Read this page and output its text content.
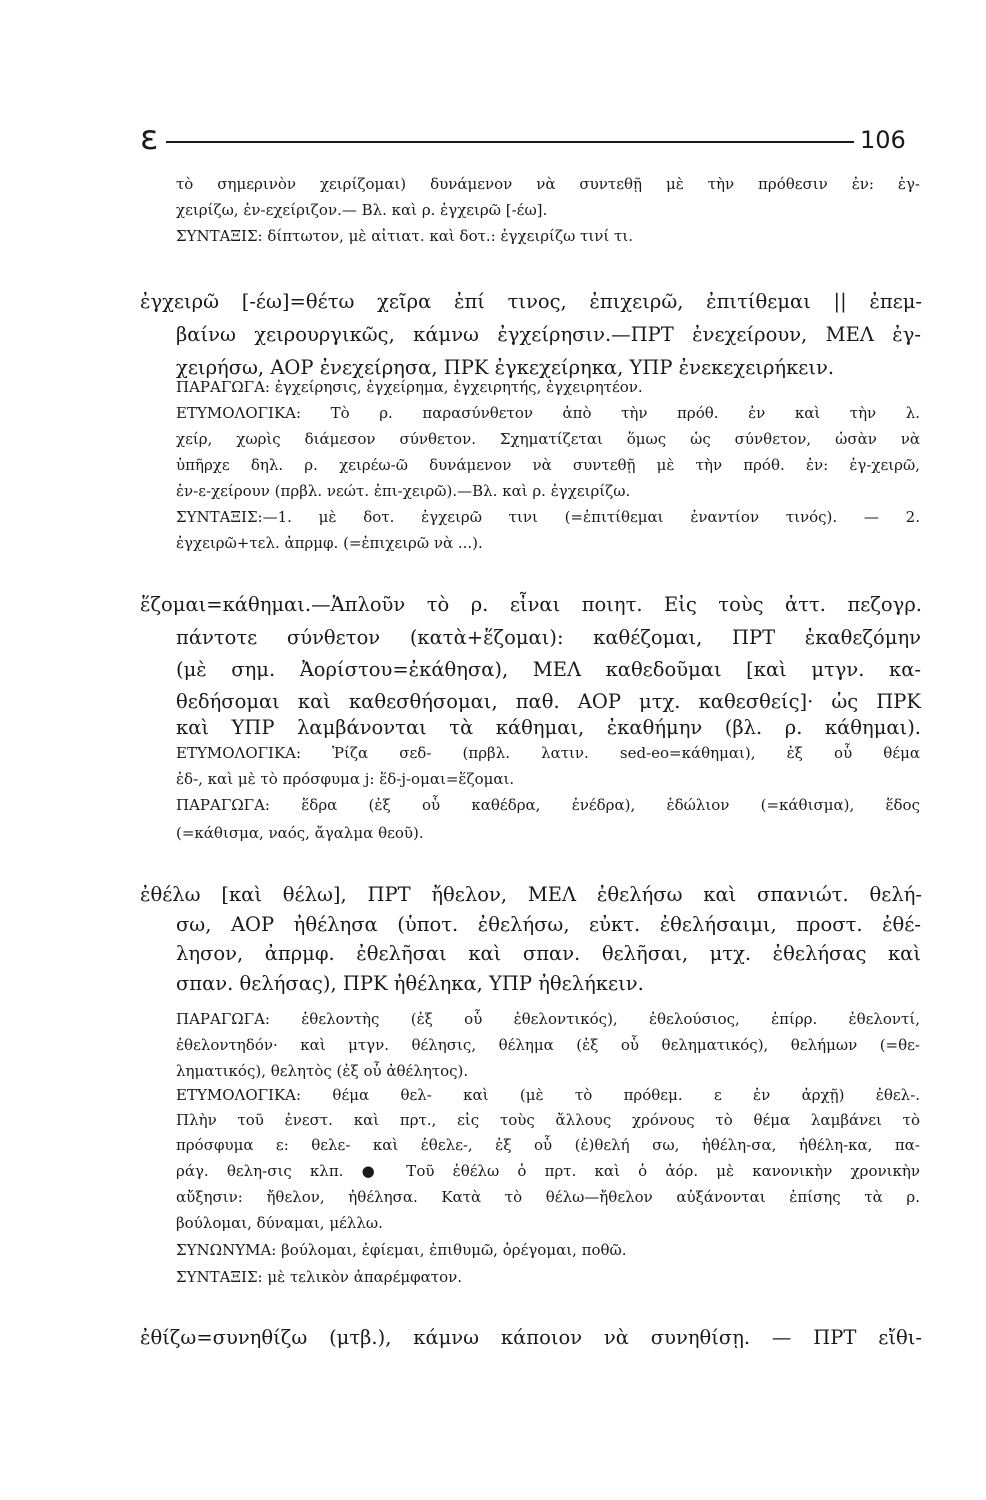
ε	106
τὸ σημερινὸν χειρίζομαι) δυνάμενον νὰ συντεθῇ μὲ τὴν πρόθεσιν ἐν: ἐγ-
χειρίζω, ἐν-εχείριζον.— Βλ. καὶ ρ. ἐγχειρῶ [-έω].
ΣΥΝΤΑΞΙΣ: δίπτωτον, μὲ αἰτιατ. καὶ δοτ.: ἐγχειρίζω τινί τι.
ἐγχειρῶ [-έω]=θέτω χεῖρα ἐπί τινος, ἐπιχειρῶ, ἐπιτίθεμαι || ἐπεμ-
βαίνω χειρουργικῶς, κάμνω ἐγχείρησιν.—ΠΡΤ ἐνεχείρουν, ΜΕΛ ἐγ-
χειρήσω, ΑΟΡ ἐνεχείρησα, ΠΡΚ ἐγκεχείρηκα, ΥΠΡ ἐνεκεχειρήκειν.
ΠΑΡΑΓΩΓΑ: ἐγχείρησις, ἐγχείρημα, ἐγχειρητής, ἐγχειρητέον.
ΕΤΥΜΟΛΟΓΙΚΑ: Τὸ ρ. παρασύνθετον ἀπὸ τὴν πρόθ. ἐν καὶ τὴν λ.
χείρ, χωρὶς διάμεσον σύνθετον. Σχηματίζεται ὅμως ὡς σύνθετον, ὡσὰν νὰ
ὑπῆρχε δηλ. ρ. χειρέω-ῶ δυνάμενον νὰ συντεθῇ μὲ τὴν πρόθ. ἐν: ἐγ-χειρῶ,
ἐν-ε-χείρουν (πρβλ. νεώτ. ἐπι-χειρῶ).—Βλ. καὶ ρ. ἐγχειρίζω.
ΣΥΝΤΑΞΙΣ:—1. μὲ δοτ. ἐγχειρῶ τινι (=ἐπιτίθεμαι ἐναντίον τινός). — 2.
ἐγχειρῶ+τελ. ἀπρμφ. (=ἐπιχειρῶ νὰ ...).
ἕζομαι=κάθημαι.—Ἁπλοῦν τὸ ρ. εἶναι ποιητ. Εἰς τοὺς ἀττ. πεζογρ.
πάντοτε σύνθετον (κατὰ+ἕζομαι): καθέζομαι, ΠΡΤ ἐκαθεζόμην
(μὲ σημ. Ἀορίστου=ἐκάθησα), ΜΕΛ καθεδοῦμαι [καὶ μτγν. κα-
θεδήσομαι καὶ καθεσθήσομαι, παθ. ΑΟΡ μτχ. καθεσθείς]· ὡς ΠΡΚ
καὶ ΥΠΡ λαμβάνονται τὰ κάθημαι, ἐκαθήμην (βλ. ρ. κάθημαι).
ΕΤΥΜΟΛΟΓΙΚΑ: Ῥίζα σεδ- (πρβλ. λατιν. sed-eo=κάθημαι), ἐξ οὗ θέμα
ἑδ-, καὶ μὲ τὸ πρόσφυμα j: ἕδ-j-ομαι=ἕζομαι.
ΠΑΡΑΓΩΓΑ: ἕδρα (ἐξ οὗ καθέδρα, ἐνέδρα), ἑδώλιον (=κάθισμα), ἕδος
(=κάθισμα, ναός, ἄγαλμα θεοῦ).
ἐθέλω [καὶ θέλω], ΠΡΤ ἤθελον, ΜΕΛ ἐθελήσω καὶ σπανιώτ. θελή-
σω, ΑΟΡ ἠθέλησα (ὑποτ. ἐθελήσω, εὐκτ. ἐθελήσαιμι, προστ. ἐθέ-
λησον, ἀπρμφ. ἐθελῆσαι καὶ σπαν. θελῆσαι, μτχ. ἐθελήσας καὶ
σπαν. θελήσας), ΠΡΚ ἠθέληκα, ΥΠΡ ἠθελήκειν.
ΠΑΡΑΓΩΓΑ: ἐθελοντὴς (ἐξ οὗ ἐθελοντικός), ἐθελούσιος, ἐπίρρ. ἐθελοντί,
ἐθελοντηδόν· καὶ μτγν. θέλησις, θέλημα (ἐξ οὗ θεληματικός), θελήμων (=θε-
ληματικός), θελητὸς (ἐξ οὗ ἀθέλητος).
ΕΤΥΜΟΛΟΓΙΚΑ: θέμα θελ- καὶ (μὲ τὸ πρόθεμ. ε ἐν ἀρχῇ) ἐθελ-.
Πλὴν τοῦ ἐνεστ. καὶ πρτ., εἰς τοὺς ἄλλους χρόνους τὸ θέμα λαμβάνει τὸ
πρόσφυμα ε: θελε- καὶ ἐθελε-, ἐξ οὗ (ἐ)θελή σω, ἠθέλη-σα, ἠθέλη-κα, πα-
ράγ. θελη-σις κλπ. ● Τοῦ ἐθέλω ὁ πρτ. καὶ ὁ ἀόρ. μὲ κανονικὴν χρονικὴν
αὔξησιν: ἤθελον, ἠθέλησα. Κατὰ τὸ θέλω—ἤθελον αὐξάνονται ἐπίσης τὰ ρ.
βούλομαι, δύναμαι, μέλλω.
ΣΥΝΩΝΥΜΑ: βούλομαι, ἐφίεμαι, ἐπιθυμῶ, ὀρέγομαι, ποθῶ.
ΣΥΝΤΑΞΙΣ: μὲ τελικὸν ἀπαρέμφατον.
ἐθίζω=συνηθίζω (μτβ.), κάμνω κάποιον νὰ συνηθίσῃ. — ΠΡΤ εἴθι-
